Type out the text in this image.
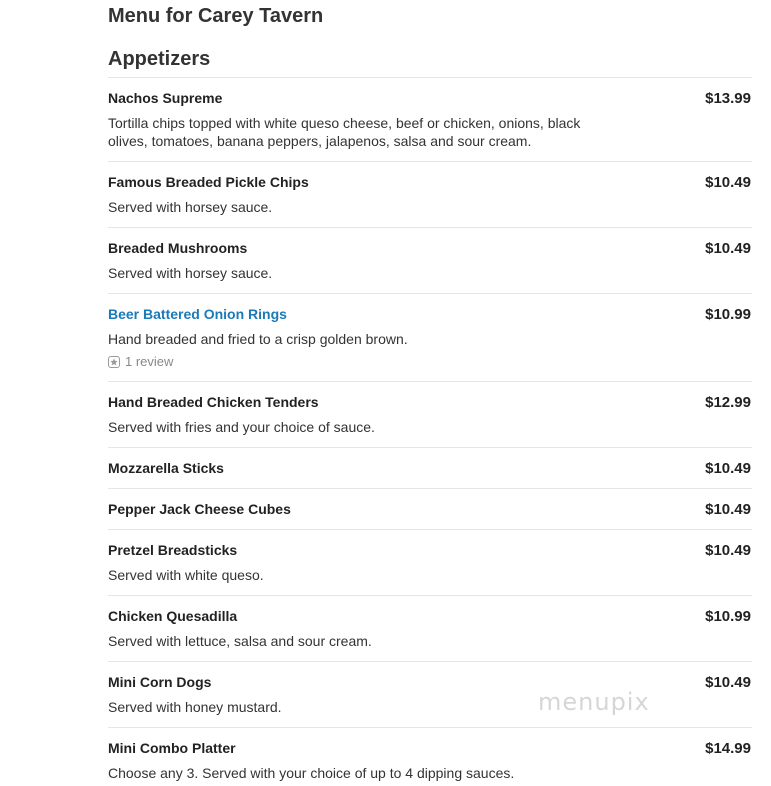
Menu for Carey Tavern
Appetizers
Nachos Supreme	$13.99
Tortilla chips topped with white queso cheese, beef or chicken, onions, black olives, tomatoes, banana peppers, jalapenos, salsa and sour cream.
Famous Breaded Pickle Chips	$10.49
Served with horsey sauce.
Breaded Mushrooms	$10.49
Served with horsey sauce.
Beer Battered Onion Rings	$10.99
Hand breaded and fried to a crisp golden brown.
1 review
Hand Breaded Chicken Tenders	$12.99
Served with fries and your choice of sauce.
Mozzarella Sticks	$10.49
Pepper Jack Cheese Cubes	$10.49
Pretzel Breadsticks	$10.49
Served with white queso.
Chicken Quesadilla	$10.99
Served with lettuce, salsa and sour cream.
Mini Corn Dogs	$10.49
Served with honey mustard.
Mini Combo Platter	$14.99
Choose any 3. Served with your choice of up to 4 dipping sauces.
menupix
